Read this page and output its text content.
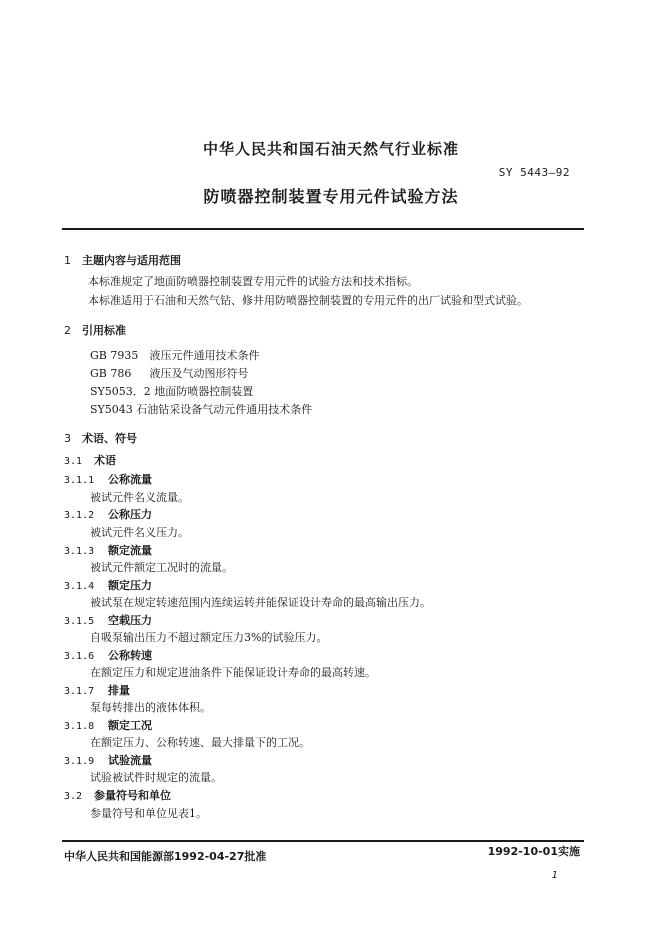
中华人民共和国石油天然气行业标准
SY 5443—92
防喷器控制装置专用元件试验方法
1 主题内容与适用范围
本标准规定了地面防喷器控制装置专用元件的试验方法和技术指标。
本标准适用于石油和天然气钻、修井用防喷器控制装置的专用元件的出厂试验和型式试验。
2 引用标准
GB 7935 液压元件通用技术条件
GB 786 液压及气动图形符号
SY5053．2 地面防喷器控制装置
SY5043 石油钻采设备气动元件通用技术条件
3 术语、符号
3.1 术语
3.1.1 公称流量
被试元件名义流量。
3.1.2 公称压力
被试元件名义压力。
3.1.3 额定流量
被试元件额定工况时的流量。
3.1.4 额定压力
被试泵在规定转速范围内连续运转并能保证设计寿命的最高输出压力。
3.1.5 空载压力
自吸泵输出压力不超过额定压力3%的试验压力。
3.1.6 公称转速
在额定压力和规定进油条件下能保证设计寿命的最高转速。
3.1.7 排量
泵每转排出的液体体积。
3.1.8 额定工况
在额定压力、公称转速、最大排量下的工况。
3.1.9 试验流量
试验被试件时规定的流量。
3.2 参量符号和单位
参量符号和单位见表1。
中华人民共和国能源部1992-04-27批准	1992-10-01实施
1
